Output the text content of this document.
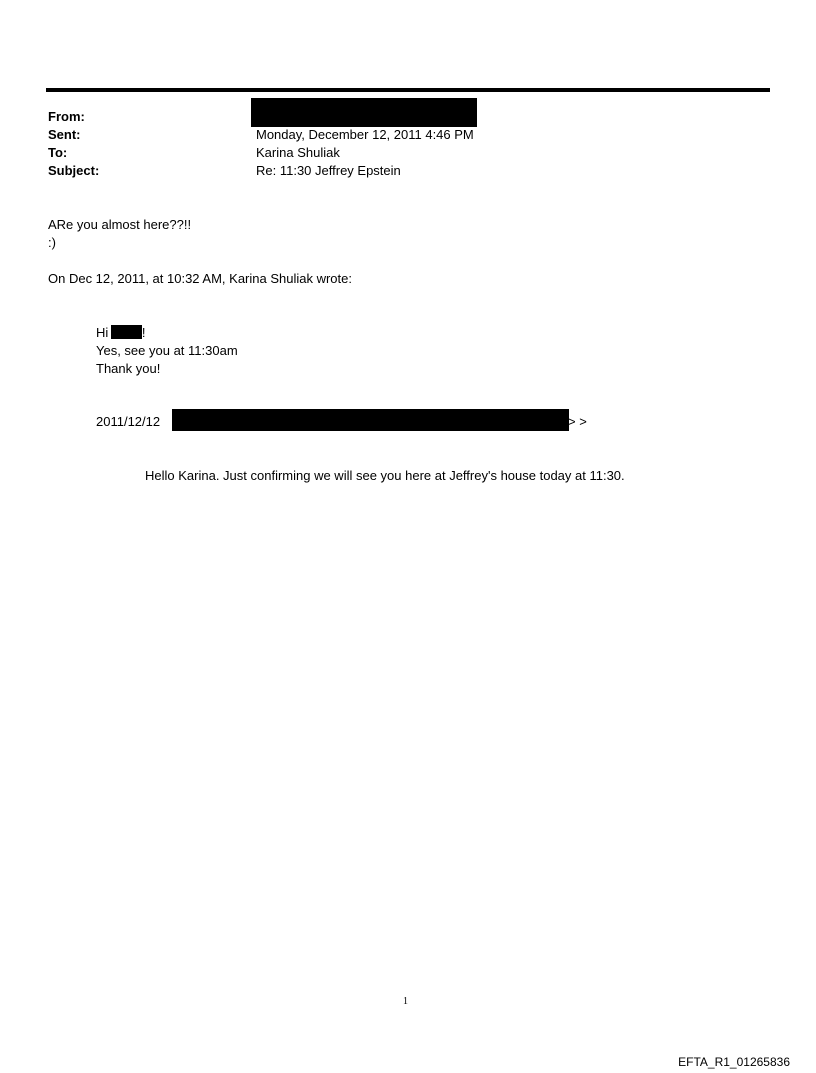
From:
Sent:	Monday, December 12, 2011 4:46 PM
To:	Karina Shuliak
Subject:	Re: 11:30 Jeffrey Epstein
ARe you almost here??!!
:)
On Dec 12, 2011, at 10:32 AM, Karina Shuliak wrote:
Hi	!
Yes, see you at 11:30am
Thank you!
2011/12/12	> >
Hello Karina. Just confirming we will see you here at Jeffrey's house today at 11:30.
1
EFTA_R1_01265836
